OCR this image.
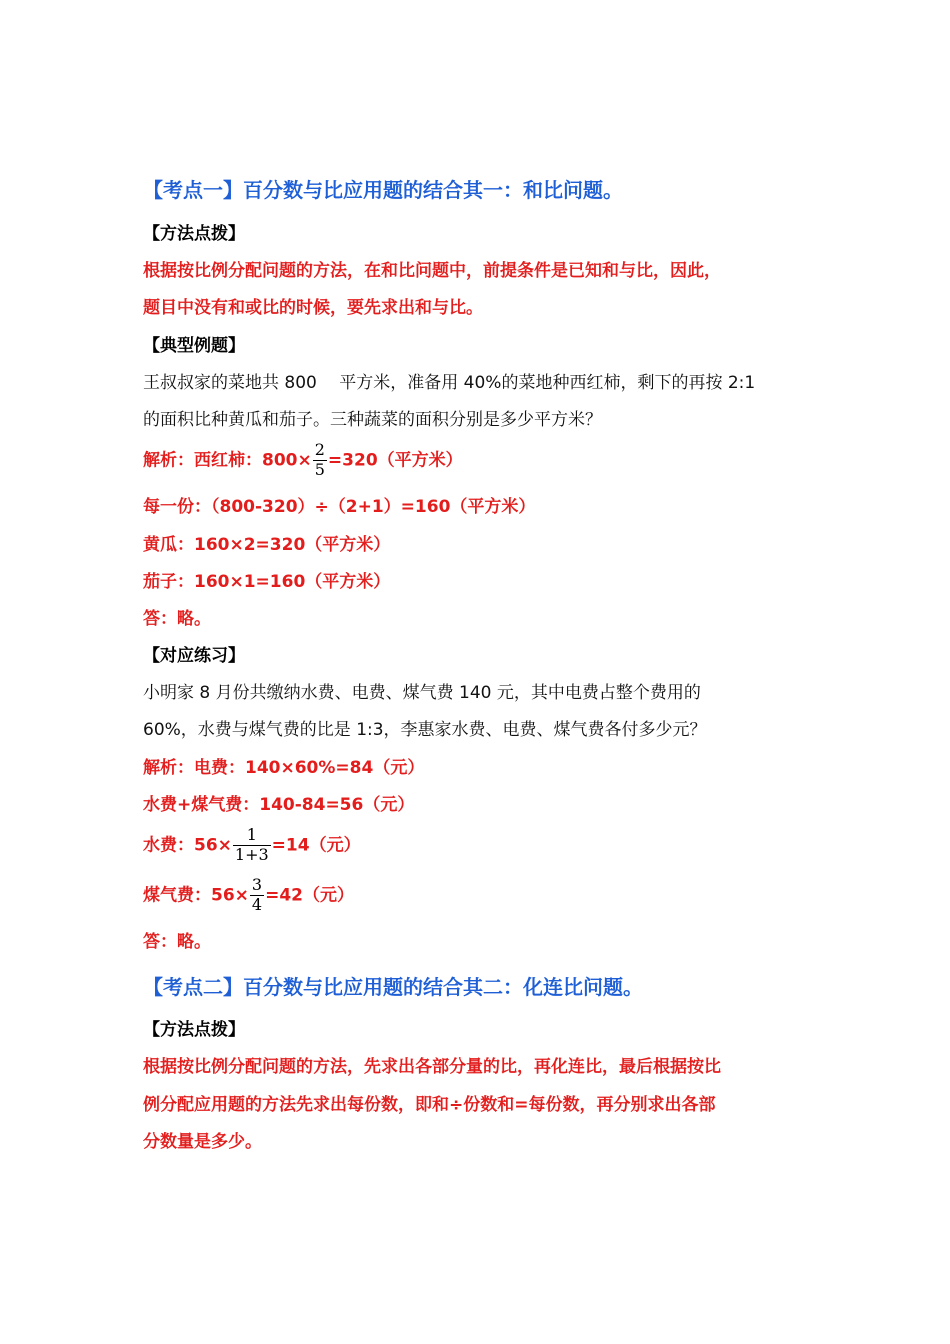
【考点一】百分数与比应用题的结合其一：和比问题。
【方法点拨】
根据按比例分配问题的方法，在和比问题中，前提条件是已知和与比，因此，
题目中没有和或比的时候，要先求出和与比。
【典型例题】
王叔叔家的菜地共 800　 平方米，准备用 40%的菜地种西红柿，剩下的再按 2:1
的面积比种黄瓜和茄子。三种蔬菜的面积分别是多少平方米？
解析：西红柿：$800\times \frac{2}{5} =320$（平方米）
每一份：（800-320）÷（2+1）=160（平方米）
黄瓜：160×2=320（平方米）
茄子：160×1=160（平方米）
答：略。
【对应练习】
小明家 8 月份共缴纳水费、电费、煤气费 140 元，其中电费占整个费用的
60%，水费与煤气费的比是 1:3，李惠家水费、电费、煤气费各付多少元？
解析：电费：140×60%=84（元）
水费+煤气费：140-84=56（元）
水费：$56\times \frac{1}{1+3} =14$（元）
煤气费：$56\times \frac{3}{4} =42$（元）
答：略。
【考点二】百分数与比应用题的结合其二：化连比问题。
【方法点拨】
根据按比例分配问题的方法，先求出各部分量的比，再化连比，最后根据按比
例分配应用题的方法先求出每份数，即和÷份数和=每份数，再分别求出各部
分数量是多少。
